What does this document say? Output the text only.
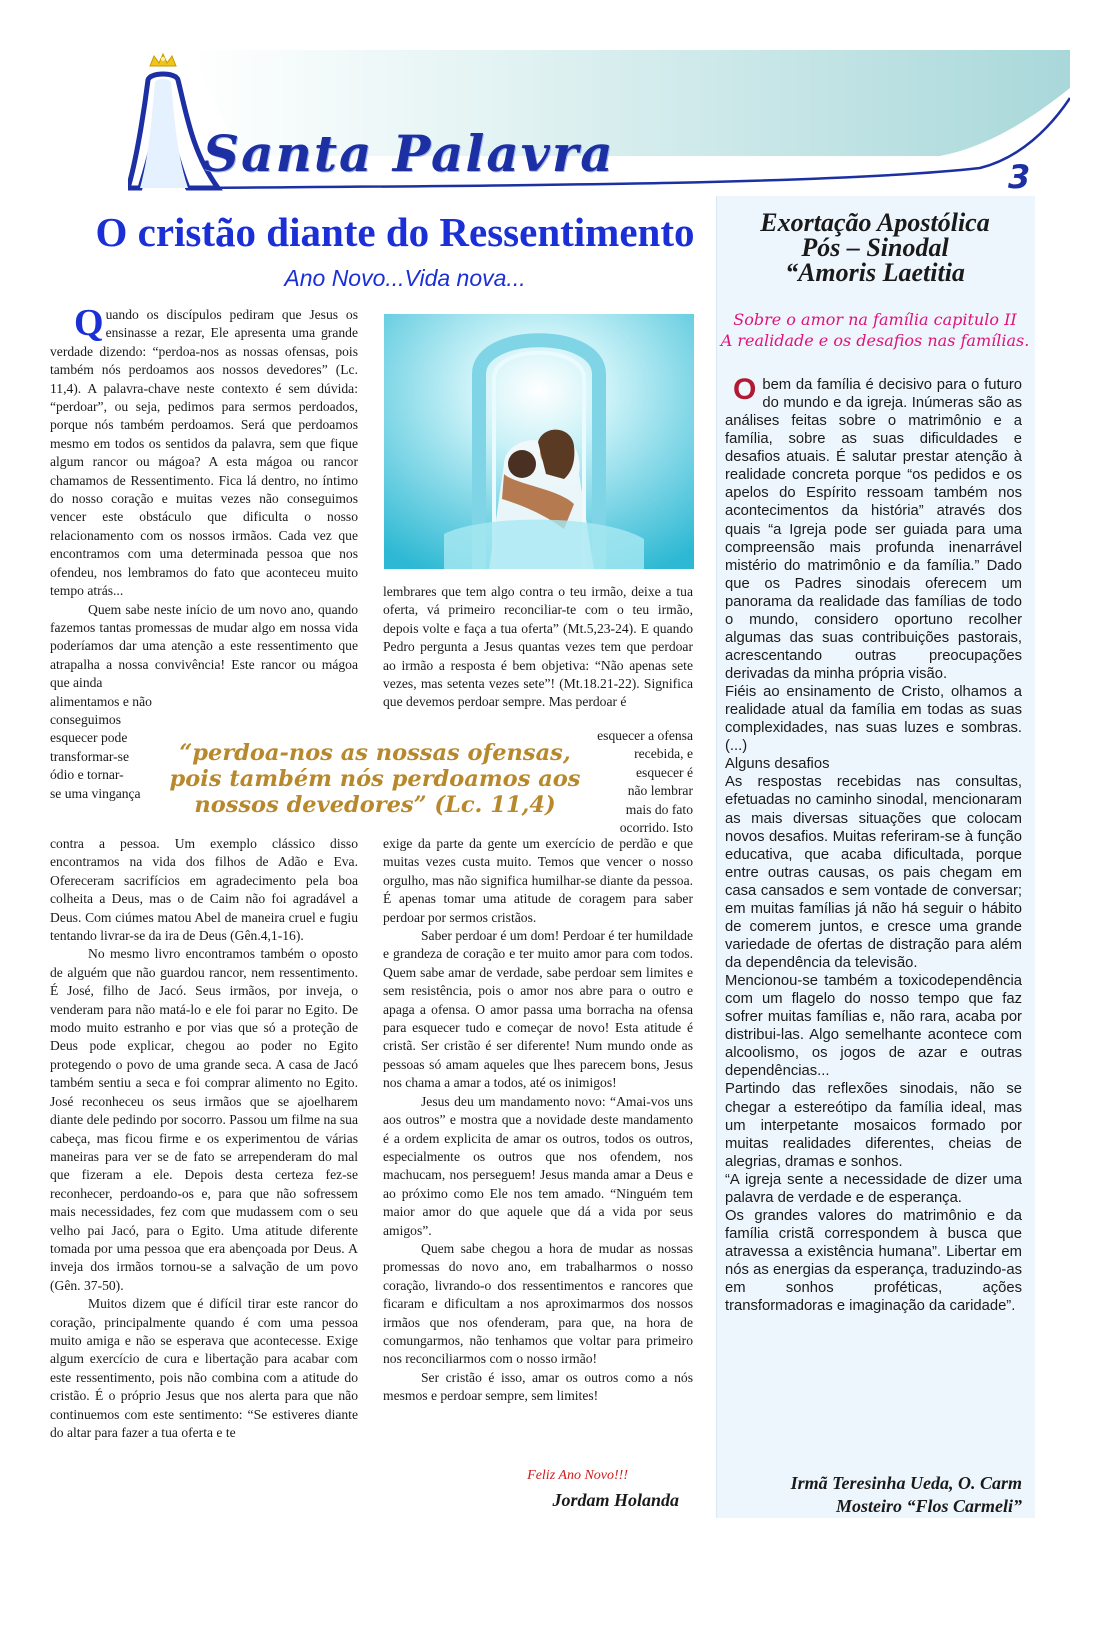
Santa Palavra	3
O cristão diante do Ressentimento
Ano Novo...Vida nova...

Quando os discípulos pediram que Jesus os ensinasse a rezar, Ele apresenta uma grande verdade dizendo: “perdoa-nos as nossas ofensas, pois também nós perdoamos aos nossos devedores” (Lc. 11,4). A palavra-chave neste contexto é sem dúvida: “perdoar”, ou seja, pedimos para sermos perdoados, porque nós também perdoamos. Será que perdoamos mesmo em todos os sentidos da palavra, sem que fique algum rancor ou mágoa? A esta mágoa ou rancor chamamos de Ressentimento. Fica lá dentro, no íntimo do nosso coração e muitas vezes não conseguimos vencer este obstáculo que dificulta o nosso relacionamento com os nossos irmãos. Cada vez que encontramos com uma determinada pessoa que nos ofendeu, nos lembramos do fato que aconteceu muito tempo atrás...

Quem sabe neste início de um novo ano, quando fazemos tantas promessas de mudar algo em nossa vida poderíamos dar uma atenção a este ressentimento que atrapalha a nossa convivência! Este rancor ou mágoa que ainda

alimentamos e não
conseguimos
esquecer pode
transformar-se
ódio e tornar-
se uma vingança

contra a pessoa. Um exemplo clássico disso encontramos na vida dos filhos de Adão e Eva. Ofereceram sacrifícios em agradecimento pela boa colheita a Deus, mas o de Caim não foi agradável a Deus. Com ciúmes matou Abel de maneira cruel e fugiu tentando livrar-se da ira de Deus (Gên.4,1-16).

No mesmo livro encontramos também o oposto de alguém que não guardou rancor, nem ressentimento. É José, filho de Jacó. Seus irmãos, por inveja, o venderam para não matá-lo e ele foi parar no Egito. De modo muito estranho e por vias que só a proteção de Deus pode explicar, chegou ao poder no Egito protegendo o povo de uma grande seca. A casa de Jacó também sentiu a seca e foi comprar alimento no Egito. José reconheceu os seus irmãos que se ajoelharem diante dele pedindo por socorro. Passou um filme na sua cabeça, mas ficou firme e os experimentou de várias maneiras para ver se de fato se arrependeram do mal que fizeram a ele. Depois desta certeza fez-se reconhecer, perdoando-os e, para que não sofressem mais necessidades, fez com que mudassem com o seu velho pai Jacó, para o Egito. Uma atitude diferente tomada por uma pessoa que era abençoada por Deus. A inveja dos irmãos tornou-se a salvação de um povo (Gên. 37-50).

Muitos dizem que é difícil tirar este rancor do coração, principalmente quando é com uma pessoa muito amiga e não se esperava que acontecesse. Exige algum exercício de cura e libertação para acabar com este ressentimento, pois não combina com a atitude do cristão. É o próprio Jesus que nos alerta para que não continuemos com este sentimento: “Se estiveres diante do altar para fazer a tua oferta e te

lembrares que tem algo contra o teu irmão, deixe a tua oferta, vá primeiro reconciliar-te com o teu irmão, depois volte e faça a tua oferta” (Mt.5,23-24). E quando Pedro pergunta a Jesus quantas vezes tem que perdoar ao irmão a resposta é bem objetiva: “Não apenas sete vezes, mas setenta vezes sete”! (Mt.18.21-22). Significa que devemos perdoar sempre. Mas perdoar é

esquecer a ofensa
recebida, e
esquecer é
não lembrar
mais do fato
ocorrido. Isto

exige da parte da gente um exercício de perdão e que muitas vezes custa muito. Temos que vencer o nosso orgulho, mas não significa humilhar-se diante da pessoa. É apenas tomar uma atitude de coragem para saber perdoar por sermos cristãos.

Saber perdoar é um dom! Perdoar é ter humildade e grandeza de coração e ter muito amor para com todos. Quem sabe amar de verdade, sabe perdoar sem limites e sem resistência, pois o amor nos abre para o outro e apaga a ofensa. O amor passa uma borracha na ofensa para esquecer tudo e começar de novo! Esta atitude é cristã. Ser cristão é ser diferente! Num mundo onde as pessoas só amam aqueles que lhes parecem bons, Jesus nos chama a amar a todos, até os inimigos!

Jesus deu um mandamento novo: “Amai-vos uns aos outros” e mostra que a novidade deste mandamento é a ordem explicita de amar os outros, todos os outros, especialmente os outros que nos ofendem, nos machucam, nos perseguem! Jesus manda amar a Deus e ao próximo como Ele nos tem amado. “Ninguém tem maior amor do que aquele que dá a vida por seus amigos”.

Quem sabe chegou a hora de mudar as nossas promessas do novo ano, em trabalharmos o nosso coração, livrando-o dos ressentimentos e rancores que ficaram e dificultam a nos aproximarmos dos nossos irmãos que nos ofenderam, para que, na hora de comungarmos, não tenhamos que voltar para primeiro nos reconciliarmos com o nosso irmão!

Ser cristão é isso, amar os outros como a nós mesmos e perdoar sempre, sem limites!

“perdoa-nos as nossas ofensas, pois também nós perdoamos aos nossos devedores” (Lc. 11,4)
Feliz Ano Novo!!!
Jordam Holanda
Exortação Apostólica
Pós – Sinodal
“Amoris Laetitia
Sobre o amor na família capitulo II
A realidade e os desafios nas famílias.

O bem da família é decisivo para o futuro do mundo e da igreja. Inúmeras são as análises feitas sobre o matrimônio e a família, sobre as suas dificuldades e desafios atuais. É salutar prestar atenção à realidade concreta porque “os pedidos e os apelos do Espírito ressoam também nos acontecimentos da história” através dos quais “a Igreja pode ser guiada para uma compreensão mais profunda inenarrável mistério do matrimônio e da família.” Dado que os Padres sinodais oferecem um panorama da realidade das famílias de todo o mundo, considero oportuno recolher algumas das suas contribuições pastorais, acrescentando outras preocupações derivadas da minha própria visão.

Fiéis ao ensinamento de Cristo, olhamos a realidade atual da família em todas as suas complexidades, nas suas luzes e sombras. (...)

Alguns desafios

As respostas recebidas nas consultas, efetuadas no caminho sinodal, mencionaram as mais diversas situações que colocam novos desafios. Muitas referiram-se à função educativa, que acaba dificultada, porque entre outras causas, os pais chegam em casa cansados e sem vontade de conversar; em muitas famílias já não há seguir o hábito de comerem juntos, e cresce uma grande variedade de ofertas de distração para além da dependência da televisão.

Mencionou-se também a toxicodependência com um flagelo do nosso tempo que faz sofrer muitas famílias e, não rara, acaba por distribui-las. Algo semelhante acontece com alcoolismo, os jogos de azar e outras dependências...

Partindo das reflexões sinodais, não se chegar a estereótipo da família ideal, mas um interpetante mosaicos formado por muitas realidades diferentes, cheias de alegrias, dramas e sonhos.

“A igreja sente a necessidade de dizer uma palavra de verdade e de esperança.

Os grandes valores do matrimônio e da família cristã correspondem à busca que atravessa a existência humana”. Libertar em nós as energias da esperança, traduzindo-as em sonhos proféticas, ações transformadoras e imaginação da caridade”.

Irmã Teresinha Ueda, O. Carm
Mosteiro “Flos Carmeli”
